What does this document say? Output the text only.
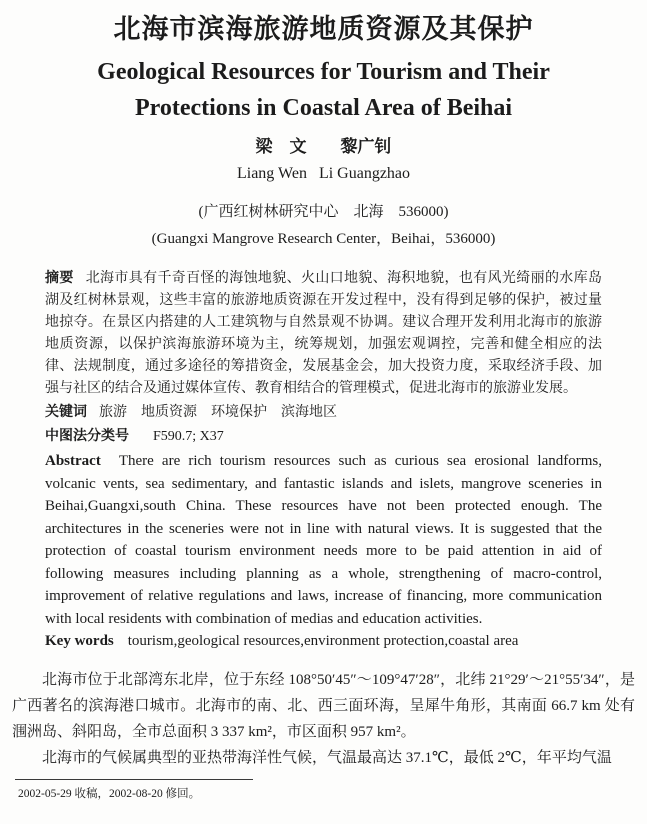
北海市滨海旅游地质资源及其保护
Geological Resources for Tourism and Their
Protections in Coastal Area of Beihai
梁　文　　黎广钊
Liang Wen   Li Guangzhao
(广西红树林研究中心　北海　536000)
(Guangxi Mangrove Research Center，Beihai，536000)

摘要 北海市具有千奇百怪的海蚀地貌、火山口地貌、海积地貌，也有风光绮丽的水库岛湖及红树林景观，这些丰富的旅游地质资源在开发过程中，没有得到足够的保护，被过量地掠夺。在景区内搭建的人工建筑物与自然景观不协调。建议合理开发利用北海市的旅游地质资源，以保护滨海旅游环境为主，统筹规划，加强宏观调控，完善和健全相应的法律、法规制度，通过多途径的筹措资金，发展基金会，加大投资力度，采取经济手段、加强与社区的结合及通过媒体宣传、教育相结合的管理模式，促进北海市的旅游业发展。

关键词 旅游　地质资源　环境保护　滨海地区

中图法分类号 F590.7; X37

Abstract There are rich tourism resources such as curious sea erosional landforms, volcanic vents, sea sedimentary, and fantastic islands and islets, mangrove sceneries in Beihai,Guangxi,south China. These resources have not been protected enough. The architectures in the sceneries were not in line with natural views. It is suggested that the protection of coastal tourism environment needs more to be paid attention in aid of following measures including planning as a whole, strengthening of macro-control, improvement of relative regulations and laws, increase of financing, more communication with local residents with combination of medias and education activities.

Key words tourism,geological resources,environment protection,coastal area

北海市位于北部湾东北岸，位于东经 108°50′45″～109°47′28″，北纬 21°29′～21°55′34″，是广西著名的滨海港口城市。北海市的南、北、西三面环海，呈犀牛角形，其南面 66.7 km 处有涠洲岛、斜阳岛，全市总面积 3 337 km²，市区面积 957 km²。

北海市的气候属典型的亚热带海洋性气候，气温最高达 37.1℃，最低 2℃，年平均气温

2002-05-29 收稿，2002-08-20 修回。
